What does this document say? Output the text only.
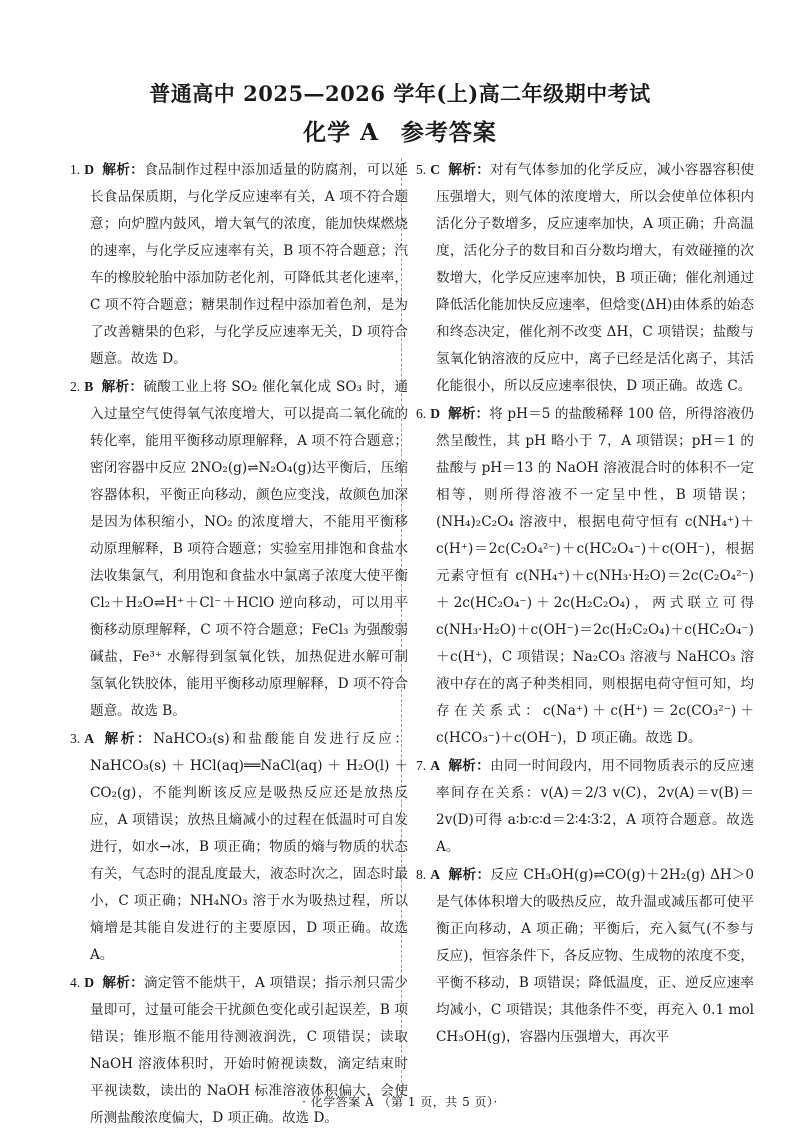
普通高中 2025—2026 学年(上)高二年级期中考试
化学 A 参考答案

1. D 解析：食品制作过程中添加适量的防腐剂，可以延长食品保质期，与化学反应速率有关，A 项不符合题意；向炉膛内鼓风，增大氧气的浓度，能加快煤燃烧的速率，与化学反应速率有关，B 项不符合题意；汽车的橡胶轮胎中添加防老化剂，可降低其老化速率，C 项不符合题意；糖果制作过程中添加着色剂，是为了改善糖果的色彩，与化学反应速率无关，D 项符合题意。故选 D。

2. B 解析：硫酸工业上将 SO₂ 催化氧化成 SO₃ 时，通入过量空气使得氧气浓度增大，可以提高二氧化硫的转化率，能用平衡移动原理解释，A 项不符合题意；密闭容器中反应 2NO₂(g)⇌N₂O₄(g)达平衡后，压缩容器体积，平衡正向移动，颜色应变浅，故颜色加深是因为体积缩小，NO₂ 的浓度增大，不能用平衡移动原理解释，B 项符合题意；实验室用排饱和食盐水法收集氯气，利用饱和食盐水中氯离子浓度大使平衡 Cl₂＋H₂O⇌H⁺＋Cl⁻＋HClO 逆向移动，可以用平衡移动原理解释，C 项不符合题意；FeCl₃ 为强酸弱碱盐，Fe³⁺ 水解得到氢氧化铁，加热促进水解可制氢氧化铁胶体，能用平衡移动原理解释，D 项不符合题意。故选 B。

3. A 解析：NaHCO₃(s)和盐酸能自发进行反应：NaHCO₃(s)＋HCl(aq)══NaCl(aq)＋H₂O(l)＋CO₂(g)，不能判断该反应是吸热反应还是放热反应，A 项错误；放热且熵减小的过程在低温时可自发进行，如水→冰，B 项正确；物质的熵与物质的状态有关，气态时的混乱度最大，液态时次之，固态时最小，C 项正确；NH₄NO₃ 溶于水为吸热过程，所以熵增是其能自发进行的主要原因，D 项正确。故选 A。

4. D 解析：滴定管不能烘干，A 项错误；指示剂只需少量即可，过量可能会干扰颜色变化或引起误差，B 项错误；锥形瓶不能用待测液润洗，C 项错误；读取 NaOH 溶液体积时，开始时俯视读数，滴定结束时平视读数，读出的 NaOH 标准溶液体积偏大，会使所测盐酸浓度偏大，D 项正确。故选 D。

5. C 解析：对有气体参加的化学反应，减小容器容积使压强增大，则气体的浓度增大，所以会使单位体积内活化分子数增多，反应速率加快，A 项正确；升高温度，活化分子的数目和百分数均增大，有效碰撞的次数增大，化学反应速率加快，B 项正确；催化剂通过降低活化能加快反应速率，但焓变(ΔH)由体系的始态和终态决定，催化剂不改变 ΔH，C 项错误；盐酸与氢氧化钠溶液的反应中，离子已经是活化离子，其活化能很小，所以反应速率很快，D 项正确。故选 C。

6. D 解析：将 pH＝5 的盐酸稀释 100 倍，所得溶液仍然呈酸性，其 pH 略小于 7，A 项错误；pH＝1 的盐酸与 pH＝13 的 NaOH 溶液混合时的体积不一定相等，则所得溶液不一定呈中性，B 项错误；(NH₄)₂C₂O₄ 溶液中，根据电荷守恒有 c(NH₄⁺)＋c(H⁺)＝2c(C₂O₄²⁻)＋c(HC₂O₄⁻)＋c(OH⁻)，根据元素守恒有 c(NH₄⁺)＋c(NH₃·H₂O)＝2c(C₂O₄²⁻)＋2c(HC₂O₄⁻)＋2c(H₂C₂O₄)，两式联立可得 c(NH₃·H₂O)＋c(OH⁻)＝2c(H₂C₂O₄)＋c(HC₂O₄⁻)＋c(H⁺)，C 项错误；Na₂CO₃ 溶液与 NaHCO₃ 溶液中存在的离子种类相同，则根据电荷守恒可知，均存在关系式：c(Na⁺)＋c(H⁺)＝2c(CO₃²⁻)＋c(HCO₃⁻)＋c(OH⁻)，D 项正确。故选 D。

7. A 解析：由同一时间段内，用不同物质表示的反应速率间存在关系：v(A)＝2/3 v(C)，2v(A)＝v(B)＝2v(D)可得 a∶b∶c∶d＝2∶4∶3∶2，A 项符合题意。故选 A。

8. A 解析：反应 CH₃OH(g)⇌CO(g)＋2H₂(g) ΔH＞0 是气体体积增大的吸热反应，故升温或减压都可使平衡正向移动，A 项正确；平衡后，充入氦气(不参与反应)，恒容条件下，各反应物、生成物的浓度不变，平衡不移动，B 项错误；降低温度，正、逆反应速率均减小，C 项错误；其他条件不变，再充入 0.1 mol CH₃OH(g)，容器内压强增大，再次平

· 化学答案 A （第 1 页，共 5 页）·
